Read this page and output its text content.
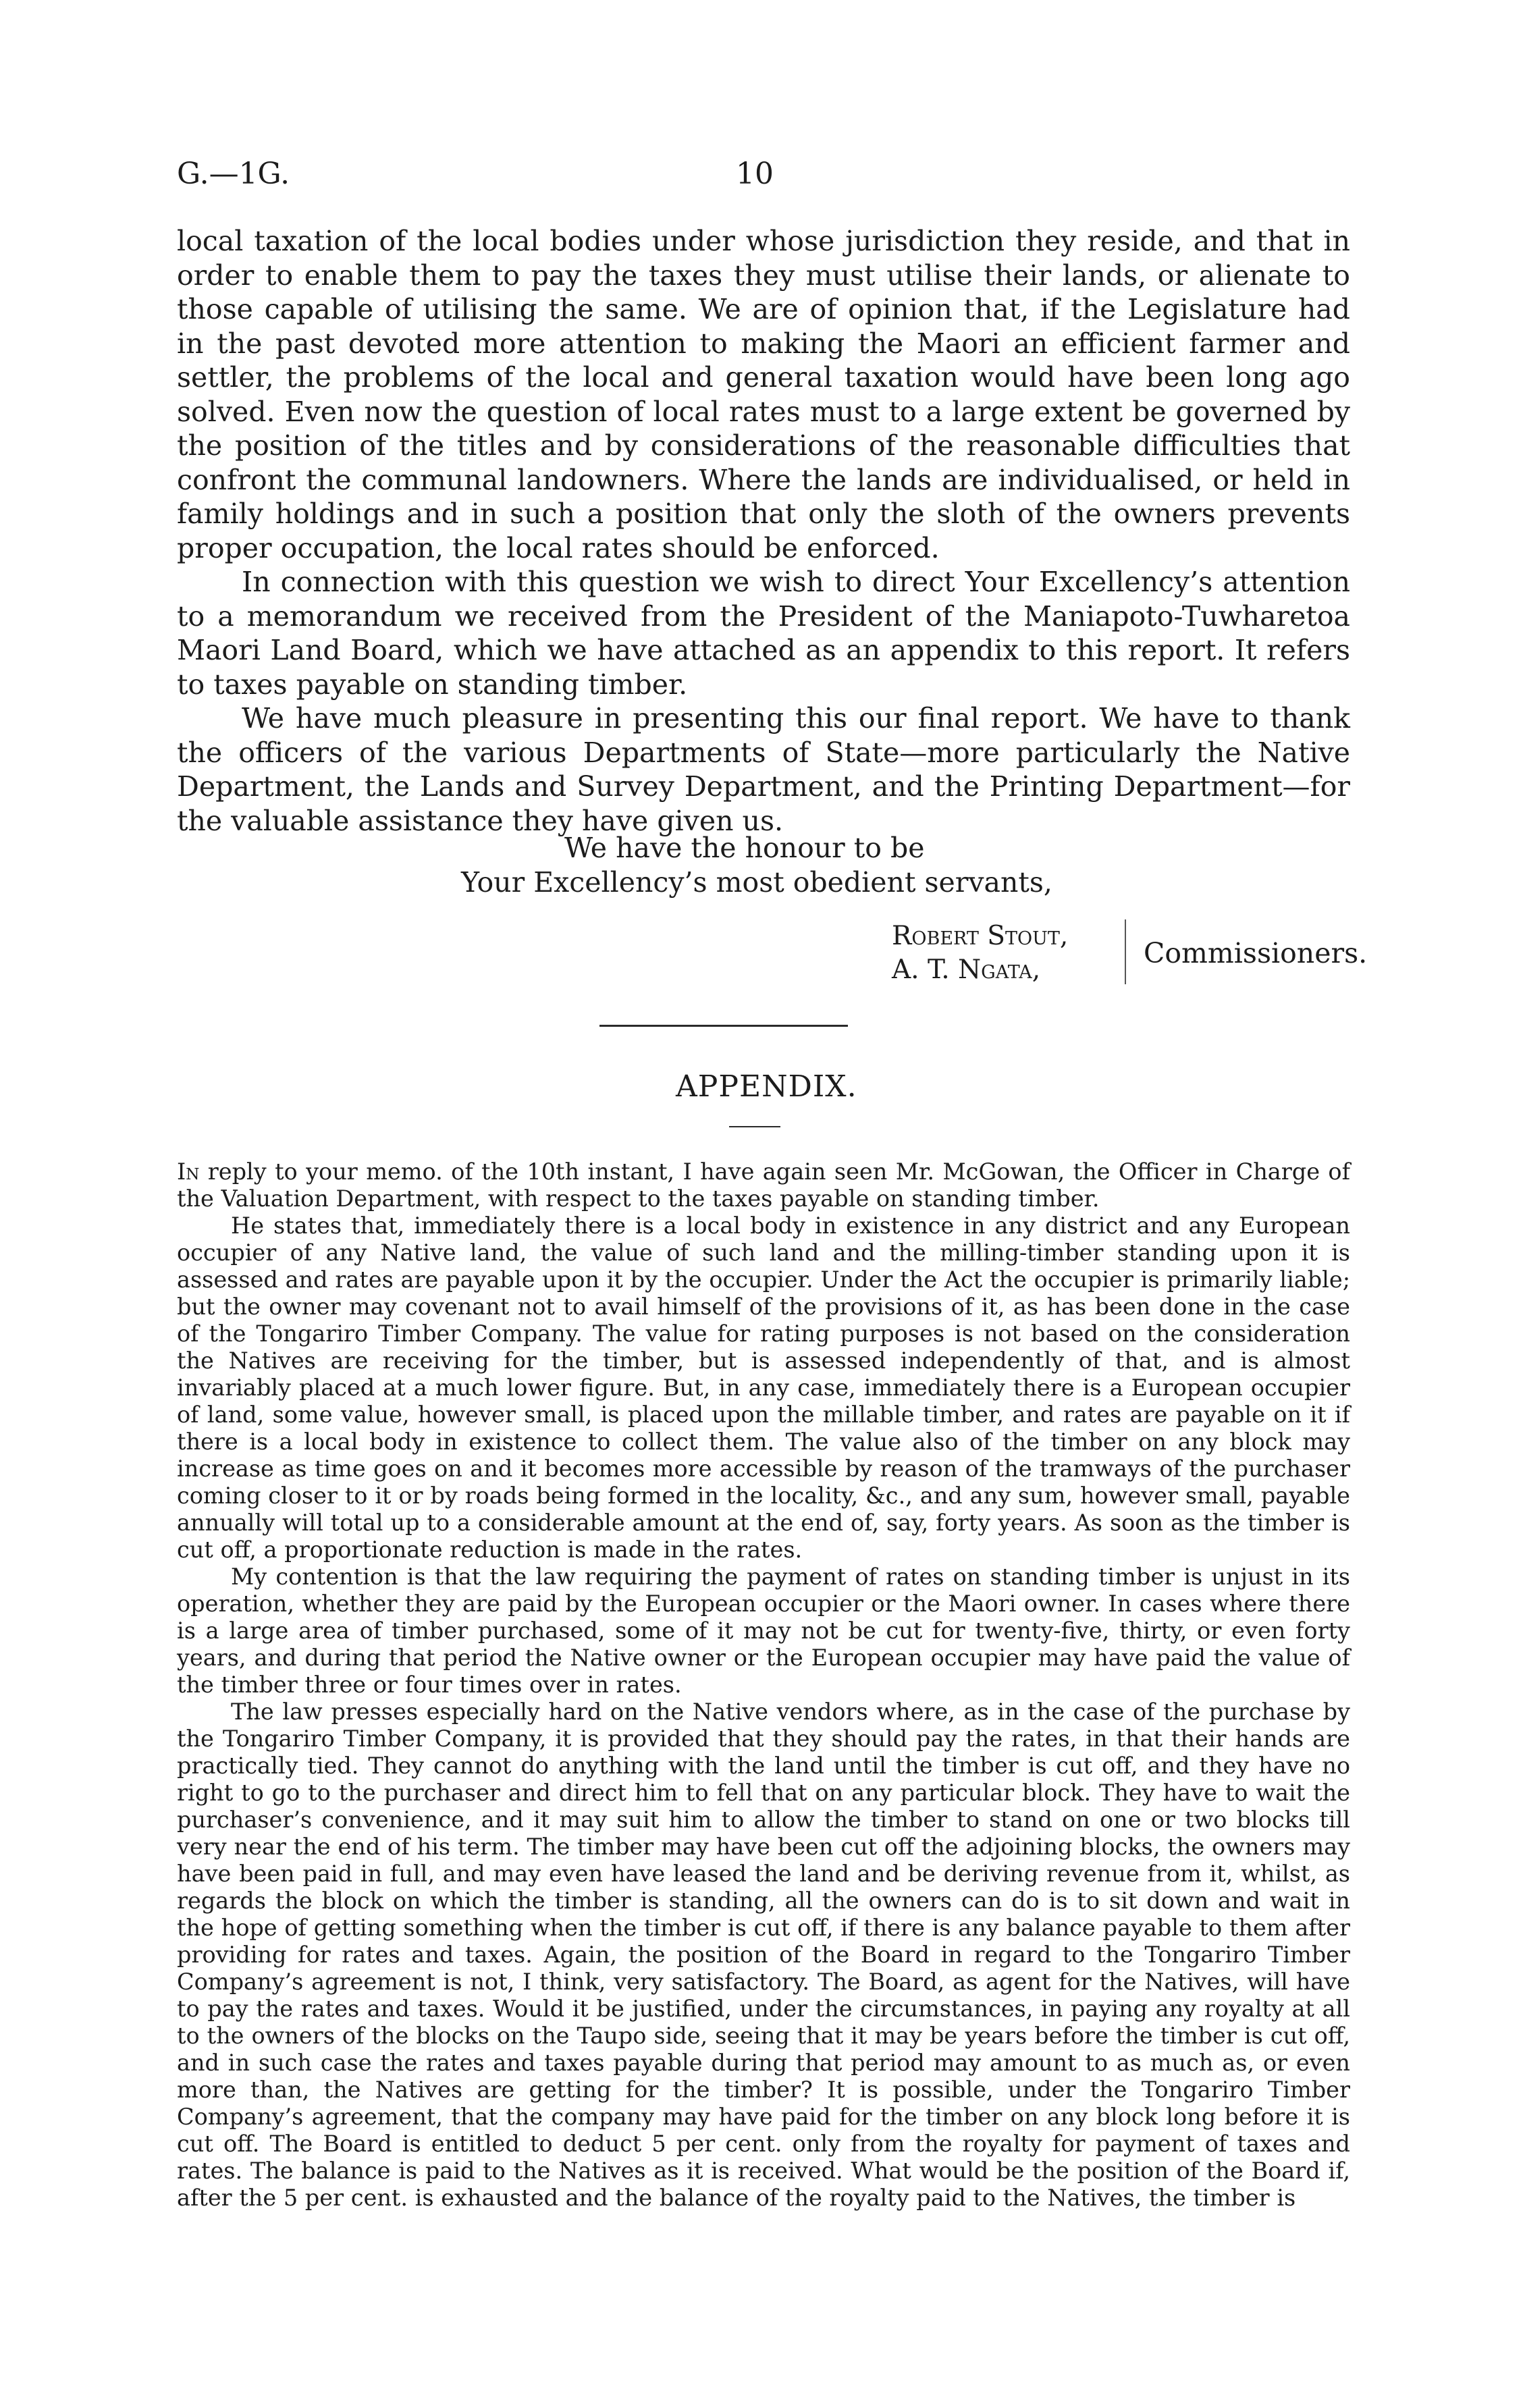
G.—1G.	10

local taxation of the local bodies under whose jurisdiction they reside, and that in order to enable them to pay the taxes they must utilise their lands, or alienate to those capable of utilising the same. We are of opinion that, if the Legislature had in the past devoted more attention to making the Maori an efficient farmer and settler, the problems of the local and general taxation would have been long ago solved. Even now the question of local rates must to a large extent be governed by the position of the titles and by considerations of the reasonable difficulties that confront the communal landowners. Where the lands are individualised, or held in family holdings and in such a position that only the sloth of the owners prevents proper occupation, the local rates should be enforced.

In connection with this question we wish to direct Your Excellency’s attention to a memorandum we received from the President of the Maniapoto-Tuwharetoa Maori Land Board, which we have attached as an appendix to this report. It refers to taxes payable on standing timber.

We have much pleasure in presenting this our final report. We have to thank the officers of the various Departments of State—more particularly the Native Department, the Lands and Survey Department, and the Printing Department—for the valuable assistance they have given us.

We have the honour to be
Your Excellency’s most obedient servants,
Robert Stout,
A. T. Ngata,
Commissioners.
APPENDIX.

In reply to your memo. of the 10th instant, I have again seen Mr. McGowan, the Officer in Charge of the Valuation Department, with respect to the taxes payable on standing timber.

He states that, immediately there is a local body in existence in any district and any European occupier of any Native land, the value of such land and the milling-timber standing upon it is assessed and rates are payable upon it by the occupier. Under the Act the occupier is primarily liable; but the owner may covenant not to avail himself of the provisions of it, as has been done in the case of the Tongariro Timber Company. The value for rating purposes is not based on the consideration the Natives are receiving for the timber, but is assessed independently of that, and is almost invariably placed at a much lower figure. But, in any case, immediately there is a European occupier of land, some value, however small, is placed upon the millable timber, and rates are payable on it if there is a local body in existence to collect them. The value also of the timber on any block may increase as time goes on and it becomes more accessible by reason of the tramways of the purchaser coming closer to it or by roads being formed in the locality, &c., and any sum, however small, payable annually will total up to a considerable amount at the end of, say, forty years. As soon as the timber is cut off, a proportionate reduction is made in the rates.

My contention is that the law requiring the payment of rates on standing timber is unjust in its operation, whether they are paid by the European occupier or the Maori owner. In cases where there is a large area of timber purchased, some of it may not be cut for twenty-five, thirty, or even forty years, and during that period the Native owner or the European occupier may have paid the value of the timber three or four times over in rates.

The law presses especially hard on the Native vendors where, as in the case of the purchase by the Tongariro Timber Company, it is provided that they should pay the rates, in that their hands are practically tied. They cannot do anything with the land until the timber is cut off, and they have no right to go to the purchaser and direct him to fell that on any particular block. They have to wait the purchaser’s convenience, and it may suit him to allow the timber to stand on one or two blocks till very near the end of his term. The timber may have been cut off the adjoining blocks, the owners may have been paid in full, and may even have leased the land and be deriving revenue from it, whilst, as regards the block on which the timber is standing, all the owners can do is to sit down and wait in the hope of getting something when the timber is cut off, if there is any balance payable to them after providing for rates and taxes. Again, the position of the Board in regard to the Tongariro Timber Company’s agreement is not, I think, very satisfactory. The Board, as agent for the Natives, will have to pay the rates and taxes. Would it be justified, under the circumstances, in paying any royalty at all to the owners of the blocks on the Taupo side, seeing that it may be years before the timber is cut off, and in such case the rates and taxes payable during that period may amount to as much as, or even more than, the Natives are getting for the timber? It is possible, under the Tongariro Timber Company’s agreement, that the company may have paid for the timber on any block long before it is cut off. The Board is entitled to deduct 5 per cent. only from the royalty for payment of taxes and rates. The balance is paid to the Natives as it is received. What would be the position of the Board if, after the 5 per cent. is exhausted and the balance of the royalty paid to the Natives, the timber is
